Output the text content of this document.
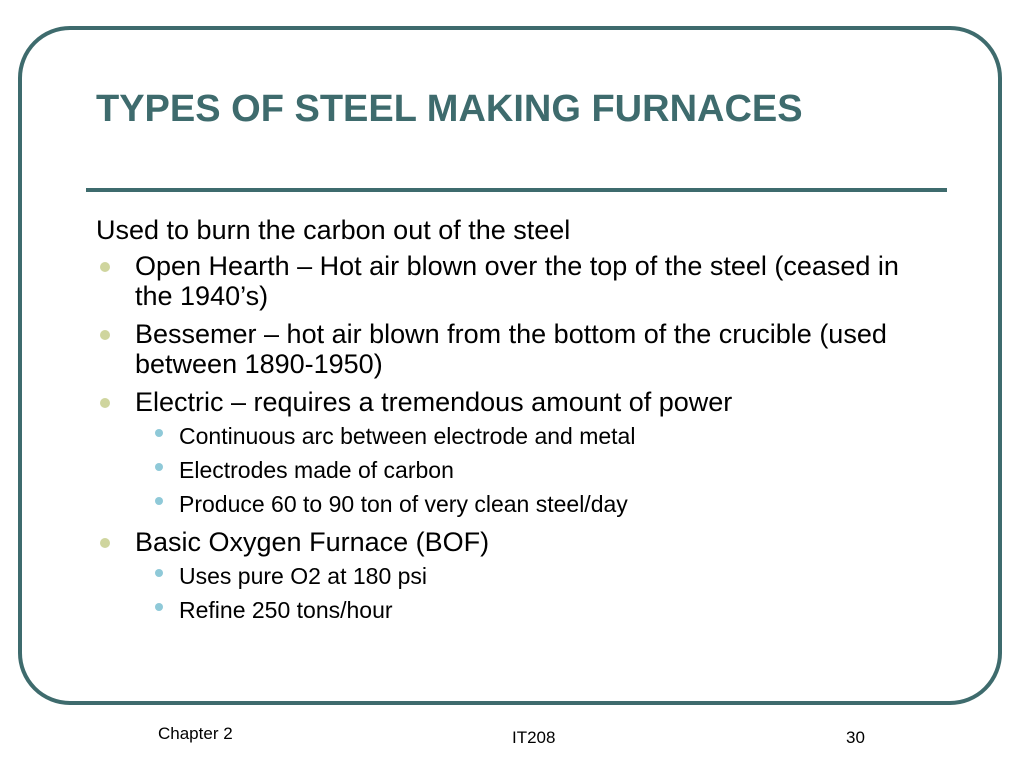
TYPES OF STEEL MAKING FURNACES

Used to burn the carbon out of the steel

Open Hearth – Hot air blown over the top of the steel (ceased in the 1940’s)
Bessemer – hot air blown from the bottom of the crucible (used between 1890-1950)
Electric – requires a tremendous amount of power
Continuous arc between electrode and metal
Electrodes made of carbon
Produce 60 to 90 ton of very clean steel/day
Basic Oxygen Furnace (BOF)
Uses pure O2 at 180 psi
Refine 250 tons/hour
Chapter 2	IT208	30
